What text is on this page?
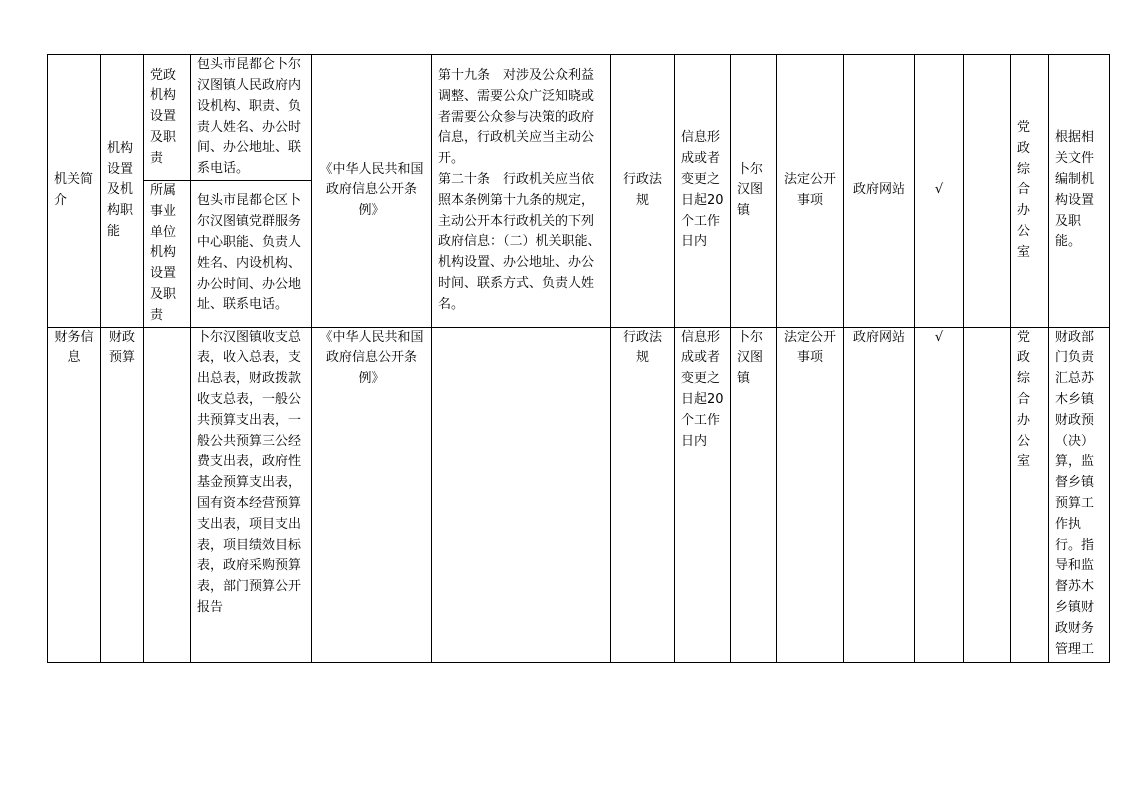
机关简介	机构设置及机构职能	党政机构设置及职责	包头市昆都仑卜尔汉图镇人民政府内设机构、职责、负责人姓名、办公时间、办公地址、联系电话。	《中华人民共和国政府信息公开条例》	第十九条　对涉及公众利益调整、需要公众广泛知晓或者需要公众参与决策的政府信息，行政机关应当主动公开。
第二十条　行政机关应当依照本条例第十九条的规定，主动公开本行政机关的下列政府信息：（二）机关职能、机构设置、办公地址、办公时间、联系方式、负责人姓名。	行政法规	信息形成或者变更之日起20个工作日内	卜尔汉图镇	法定公开事项	政府网站	√		党政综合办公室	根据相关文件编制机构设置及职能。
		所属事业单位机构设置及职责	包头市昆都仑区卜尔汉图镇党群服务中心职能、负责人姓名、内设机构、办公时间、办公地址、联系电话。											
财务信息	财政预算		卜尔汉图镇收支总表，收入总表，支出总表，财政拨款收支总表，一般公共预算支出表，一般公共预算三公经费支出表，政府性基金预算支出表，国有资本经营预算支出表，项目支出表，项目绩效目标表，政府采购预算表，部门预算公开报告	《中华人民共和国政府信息公开条例》		行政法规	信息形成或者变更之日起20个工作日内	卜尔汉图镇	法定公开事项	政府网站	√		党政综合办公室	财政部门负责汇总苏木乡镇财政预（决）算，监督乡镇预算工作执行。指导和监督苏木乡镇财政财务管理工
